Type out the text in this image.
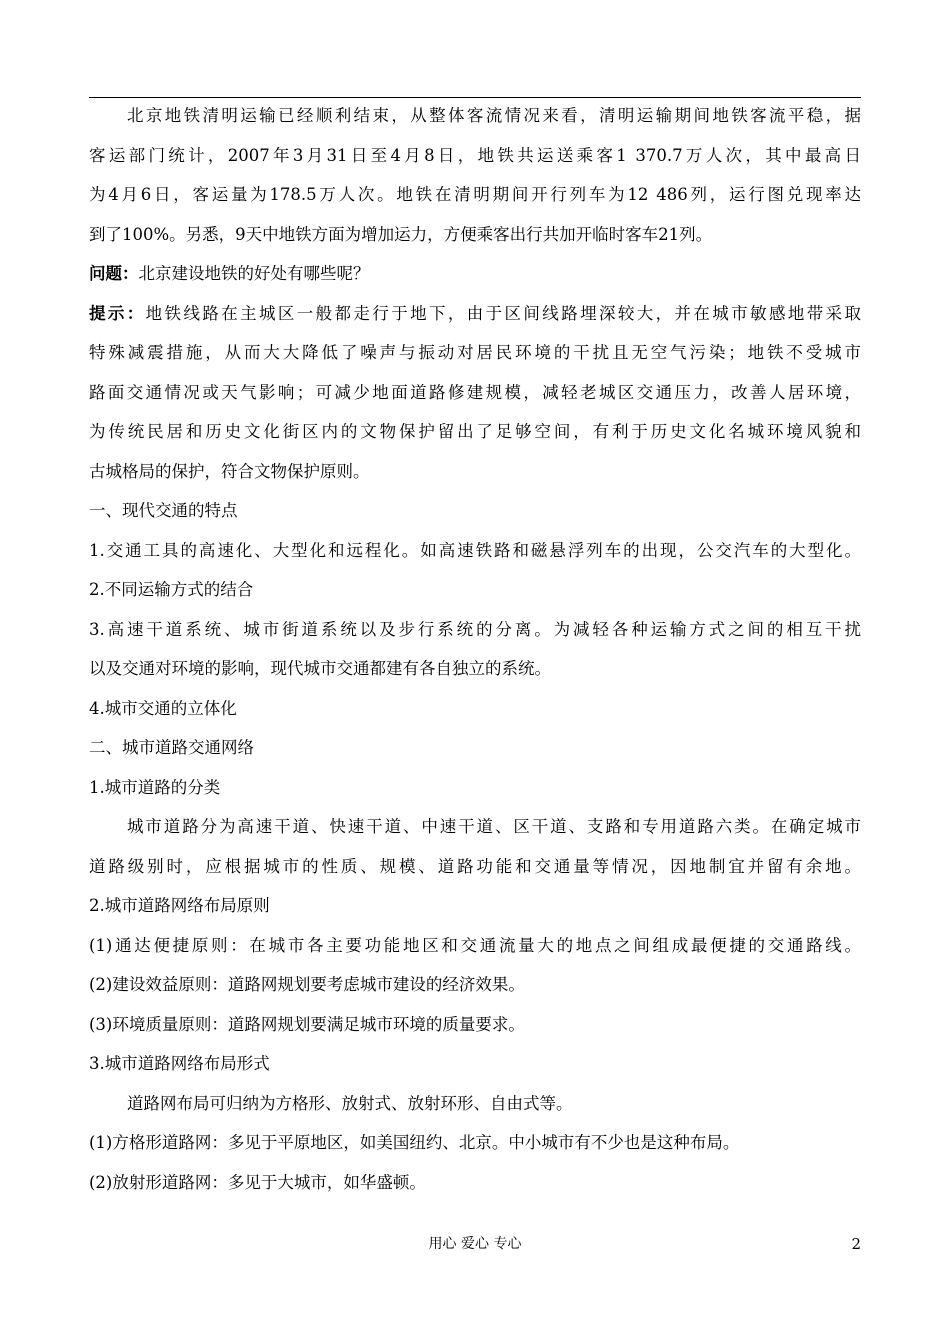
北京地铁清明运输已经顺利结束，从整体客流情况来看，清明运输期间地铁客流平稳，据
客运部门统计，2007年3月31日至4月8日，地铁共运送乘客1 370.7万人次，其中最高日
为4月6日，客运量为178.5万人次。地铁在清明期间开行列车为12 486列，运行图兑现率达
到了100%。另悉，9天中地铁方面为增加运力，方便乘客出行共加开临时客车21列。
问题：北京建设地铁的好处有哪些呢？
提示：地铁线路在主城区一般都走行于地下，由于区间线路埋深较大，并在城市敏感地带采取
特殊减震措施，从而大大降低了噪声与振动对居民环境的干扰且无空气污染；地铁不受城市
路面交通情况或天气影响；可减少地面道路修建规模，减轻老城区交通压力，改善人居环境，
为传统民居和历史文化街区内的文物保护留出了足够空间，有利于历史文化名城环境风貌和
古城格局的保护，符合文物保护原则。
一、现代交通的特点
1.交通工具的高速化、大型化和远程化。如高速铁路和磁悬浮列车的出现，公交汽车的大型化。
2.不同运输方式的结合
3.高速干道系统、城市街道系统以及步行系统的分离。为减轻各种运输方式之间的相互干扰
以及交通对环境的影响，现代城市交通都建有各自独立的系统。
4.城市交通的立体化
二、城市道路交通网络
1.城市道路的分类
城市道路分为高速干道、快速干道、中速干道、区干道、支路和专用道路六类。在确定城市
道路级别时，应根据城市的性质、规模、道路功能和交通量等情况，因地制宜并留有余地。
2.城市道路网络布局原则
(1)通达便捷原则：在城市各主要功能地区和交通流量大的地点之间组成最便捷的交通路线。
(2)建设效益原则：道路网规划要考虑城市建设的经济效果。
(3)环境质量原则：道路网规划要满足城市环境的质量要求。
3.城市道路网络布局形式
道路网布局可归纳为方格形、放射式、放射环形、自由式等。
(1)方格形道路网：多见于平原地区，如美国纽约、北京。中小城市有不少也是这种布局。
(2)放射形道路网：多见于大城市，如华盛顿。
用心 爱心 专心	2
